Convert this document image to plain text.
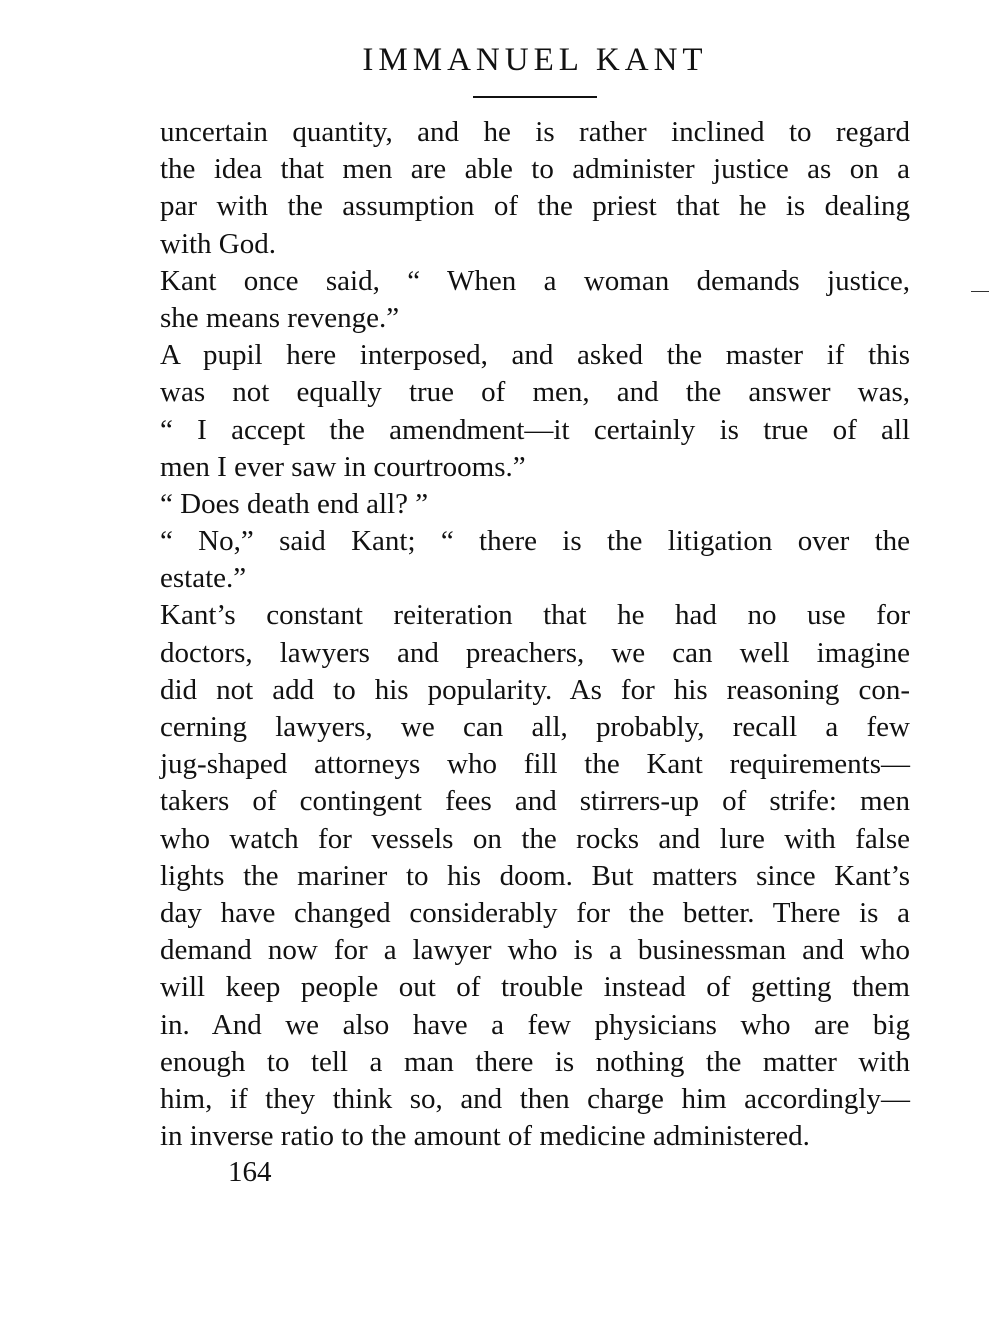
IMMANUEL KANT
uncertain quantity, and he is rather inclined to regard
the idea that men are able to administer justice as on a
par with the assumption of the priest that he is dealing
with God.
Kant once said, “ When a woman demands justice,
she means revenge.”
A pupil here interposed, and asked the master if this
was not equally true of men, and the answer was,
“ I accept the amendment—it certainly is true of all
men I ever saw in courtrooms.”
“ Does death end all? ”
“ No,” said Kant; “ there is the litigation over the
estate.”
Kant’s constant reiteration that he had no use for
doctors, lawyers and preachers, we can well imagine
did not add to his popularity. As for his reasoning con-
cerning lawyers, we can all, probably, recall a few
jug-shaped attorneys who fill the Kant requirements—
takers of contingent fees and stirrers-up of strife: men
who watch for vessels on the rocks and lure with false
lights the mariner to his doom. But matters since Kant’s
day have changed considerably for the better. There is a
demand now for a lawyer who is a businessman and who
will keep people out of trouble instead of getting them
in. And we also have a few physicians who are big
enough to tell a man there is nothing the matter with
him, if they think so, and then charge him accordingly—
in inverse ratio to the amount of medicine administered.
164
